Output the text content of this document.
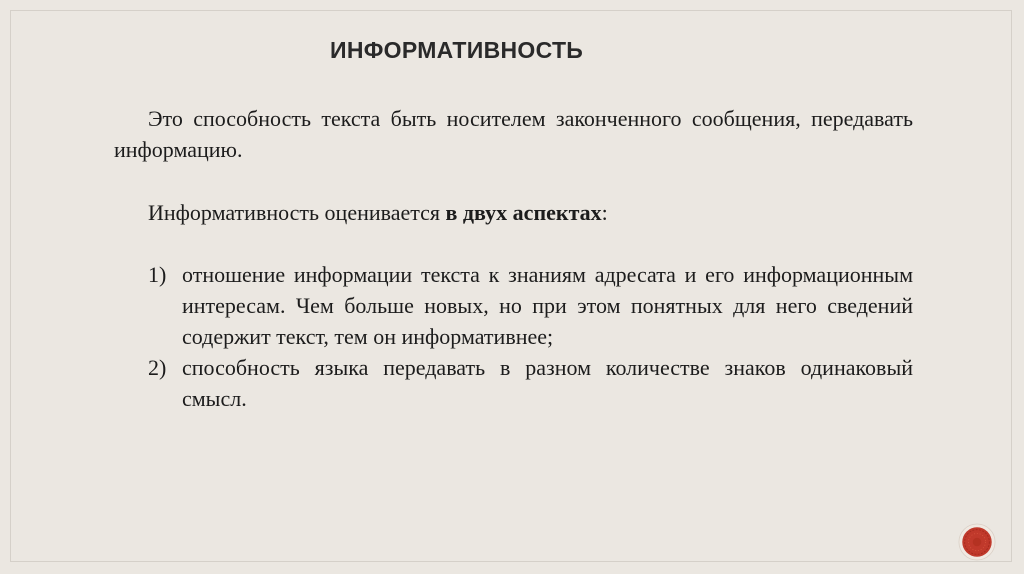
ИНФОРМАТИВНОСТЬ

Это способность текста быть носителем законченного сообщения, передавать информацию.

Информативность оценивается в двух аспектах:

1) отношение информации текста к знаниям адресата и его информационным интересам. Чем больше новых, но при этом понятных для него сведений содержит текст, тем он информативнее;
2) способность языка передавать в разном количестве знаков одинаковый смысл.
